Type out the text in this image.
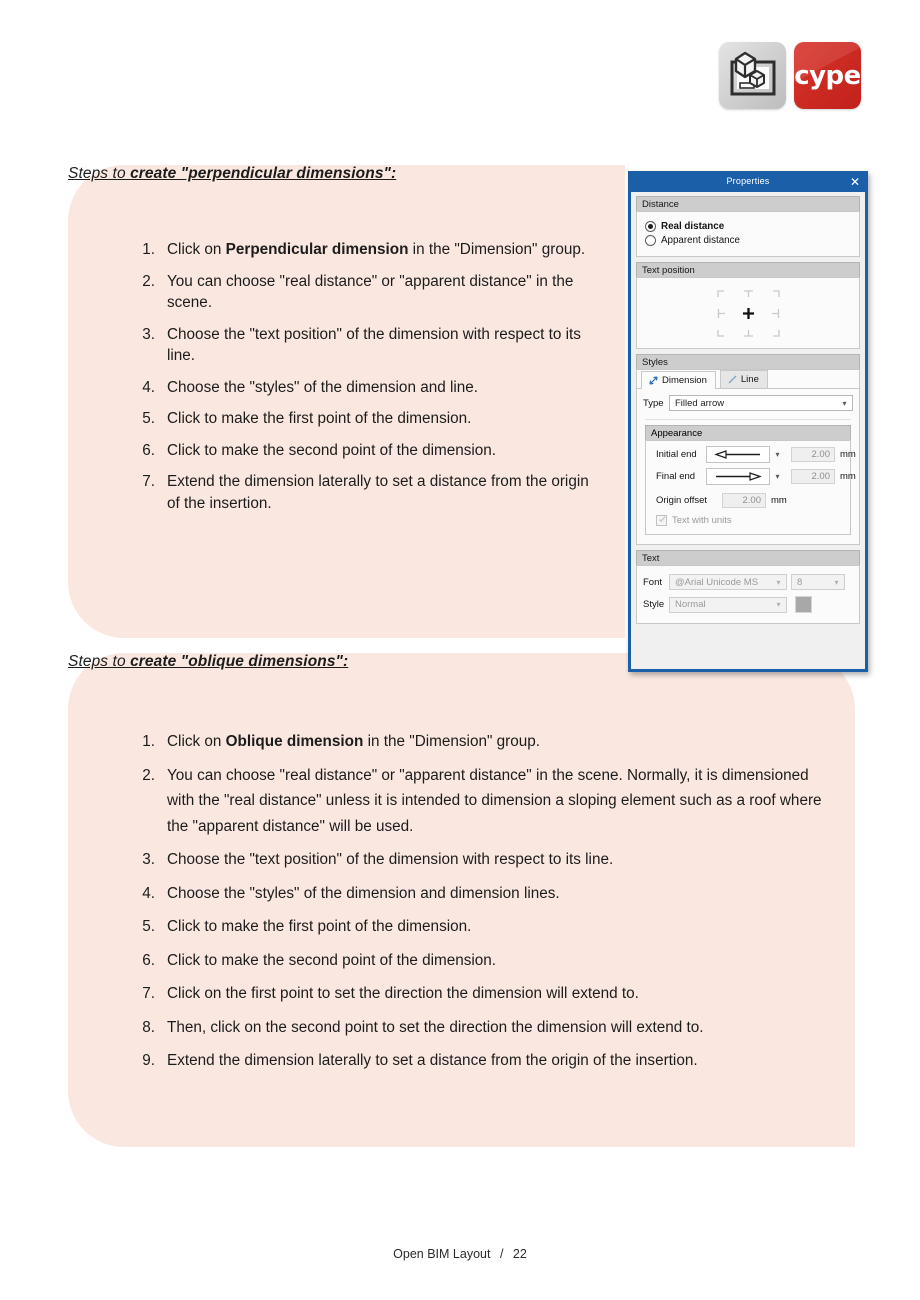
cype
Steps to create "perpendicular dimensions":
1. Click on Perpendicular dimension in the "Dimension" group.
2. You can choose "real distance" or "apparent distance" in the scene.
3. Choose the "text position" of the dimension with respect to its line.
4. Choose the "styles" of the dimension and line.
5. Click to make the first point of the dimension.
6. Click to make the second point of the dimension.
7. Extend the dimension laterally to set a distance from the origin of the insertion.
Steps to create "oblique dimensions":
1. Click on Oblique dimension in the "Dimension" group.
2. You can choose "real distance" or "apparent distance" in the scene. Normally, it is dimensioned with the "real distance" unless it is intended to dimension a sloping element such as a roof where the "apparent distance" will be used.
3. Choose the "text position" of the dimension with respect to its line.
4. Choose the "styles" of the dimension and dimension lines.
5. Click to make the first point of the dimension.
6. Click to make the second point of the dimension.
7. Click on the first point to set the direction the dimension will extend to.
8. Then, click on the second point to set the direction the dimension will extend to.
9. Extend the dimension laterally to set a distance from the origin of the insertion.
Properties	✕
Distance
Real distance
Apparent distance
Text position
Styles
Dimension	Line
Type	Filled arrow	▾
Appearance
Initial end	▾	2.00	mm
Final end	▾	2.00	mm
Origin offset	2.00	mm
Text with units
Text
Font	@Arial Unicode MS	▾	8	▾
Style	Normal	▾
Open BIM Layout / 22
